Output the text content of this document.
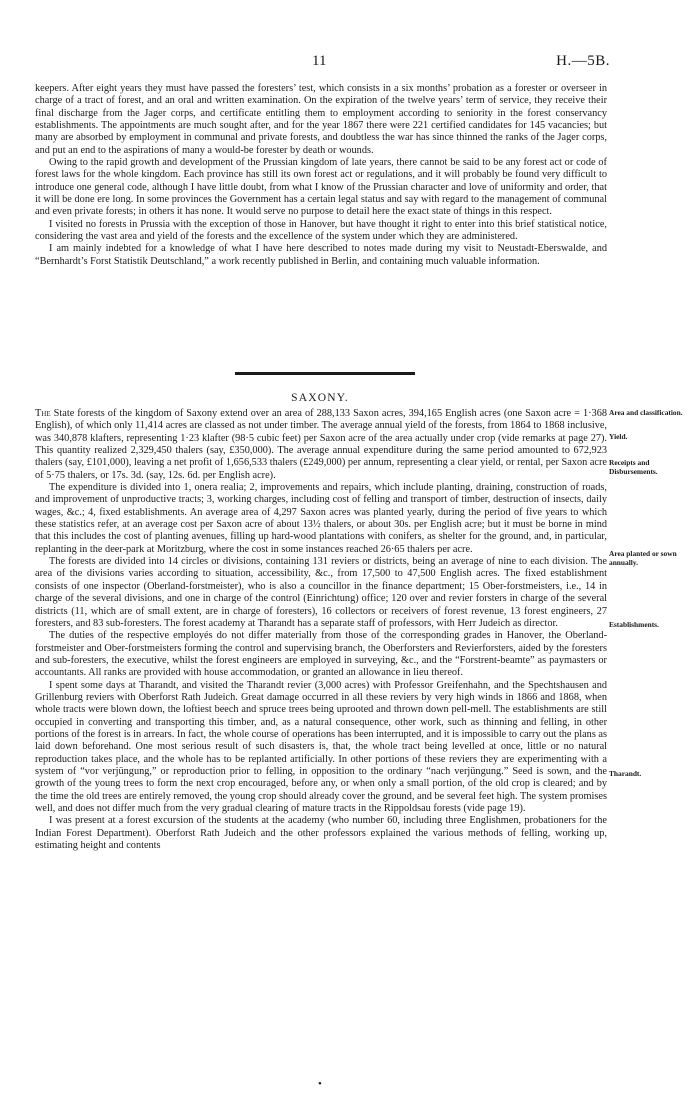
11	H.—5B.

keepers. After eight years they must have passed the foresters’ test, which consists in a six months’ probation as a forester or overseer in charge of a tract of forest, and an oral and written examination. On the expiration of the twelve years’ term of service, they receive their final discharge from the Jager corps, and certificate entitling them to employment according to seniority in the forest conservancy establishments. The appointments are much sought after, and for the year 1867 there were 221 certified candidates for 145 vacancies; but many are absorbed by employment in communal and private forests, and doubtless the war has since thinned the ranks of the Jager corps, and put an end to the aspirations of many a would-be forester by death or wounds.

Owing to the rapid growth and development of the Prussian kingdom of late years, there cannot be said to be any forest act or code of forest laws for the whole kingdom. Each province has still its own forest act or regulations, and it will probably be found very difficult to introduce one general code, although I have little doubt, from what I know of the Prussian character and love of uniformity and order, that it will be done ere long. In some provinces the Government has a certain legal status and say with regard to the management of communal and even private forests; in others it has none. It would serve no purpose to detail here the exact state of things in this respect.

I visited no forests in Prussia with the exception of those in Hanover, but have thought it right to enter into this brief statistical notice, considering the vast area and yield of the forests and the excellence of the system under which they are administered.

I am mainly indebted for a knowledge of what I have here described to notes made during my visit to Neustadt-Eberswalde, and “Bernhardt’s Forst Statistik Deutschland,” a work recently published in Berlin, and containing much valuable information.

SAXONY.

The State forests of the kingdom of Saxony extend over an area of 288,133 Saxon acres, 394,165 English acres (one Saxon acre = 1·368 English), of which only 11,414 acres are classed as not under timber. The average annual yield of the forests, from 1864 to 1868 inclusive, was 340,878 klafters, representing 1·23 klafter (98·5 cubic feet) per Saxon acre of the area actually under crop (vide remarks at page 27). This quantity realized 2,329,450 thalers (say, £350,000). The average annual expenditure during the same period amounted to 672,923 thalers (say, £101,000), leaving a net profit of 1,656,533 thalers (£249,000) per annum, representing a clear yield, or rental, per Saxon acre of 5·75 thalers, or 17s. 3d. (say, 12s. 6d. per English acre).

The expenditure is divided into 1, onera realia; 2, improvements and repairs, which include planting, draining, construction of roads, and improvement of unproductive tracts; 3, working charges, including cost of felling and transport of timber, destruction of insects, daily wages, &c.; 4, fixed establishments. An average area of 4,297 Saxon acres was planted yearly, during the period of five years to which these statistics refer, at an average cost per Saxon acre of about 13½ thalers, or about 30s. per English acre; but it must be borne in mind that this includes the cost of planting avenues, filling up hard-wood plantations with conifers, as shelter for the ground, and, in particular, replanting in the deer-park at Moritzburg, where the cost in some instances reached 26·65 thalers per acre.

The forests are divided into 14 circles or divisions, containing 131 reviers or districts, being an average of nine to each division. The area of the divisions varies according to situation, accessibility, &c., from 17,500 to 47,500 English acres. The fixed establishment consists of one inspector (Oberland-forstmeister), who is also a councillor in the finance department; 15 Ober-forstmeisters, i.e., 14 in charge of the several divisions, and one in charge of the control (Einrichtung) office; 120 over and revier forsters in charge of the several districts (11, which are of small extent, are in charge of foresters), 16 collectors or receivers of forest revenue, 13 forest engineers, 27 foresters, and 83 sub-foresters. The forest academy at Tharandt has a separate staff of professors, with Herr Judeich as director.

The duties of the respective employés do not differ materially from those of the corresponding grades in Hanover, the Oberland-forstmeister and Ober-forstmeisters forming the control and supervising branch, the Oberforsters and Revierforsters, aided by the foresters and sub-foresters, the executive, whilst the forest engineers are employed in surveying, &c., and the “Forstrent-beamte” as paymasters or accountants. All ranks are provided with house accommodation, or granted an allowance in lieu thereof.

I spent some days at Tharandt, and visited the Tharandt revier (3,000 acres) with Professor Greifenhahn, and the Spechtshausen and Grillenburg reviers with Oberforst Rath Judeich. Great damage occurred in all these reviers by very high winds in 1866 and 1868, when whole tracts were blown down, the loftiest beech and spruce trees being uprooted and thrown down pell-mell. The establishments are still occupied in converting and transporting this timber, and, as a natural consequence, other work, such as thinning and felling, in other portions of the forest is in arrears. In fact, the whole course of operations has been interrupted, and it is impossible to carry out the plans as laid down beforehand. One most serious result of such disasters is, that, the whole tract being levelled at once, little or no natural reproduction takes place, and the whole has to be replanted artificially. In other portions of these reviers they are experimenting with a system of “vor verjüngung,” or reproduction prior to felling, in opposition to the ordinary “nach verjüngung.” Seed is sown, and the growth of the young trees to form the next crop encouraged, before any, or when only a small portion, of the old crop is cleared; and by the time the old trees are entirely removed, the young crop should already cover the ground, and be several feet high. The system promises well, and does not differ much from the very gradual clearing of mature tracts in the Rippoldsau forests (vide page 19).

I was present at a forest excursion of the students at the academy (who number 60, including three Englishmen, probationers for the Indian Forest Department). Oberforst Rath Judeich and the other professors explained the various methods of felling, working up, estimating height and contents

Area and classification.
Yield.
Receipts and Disbursements.
Area planted or sown annually.
Establishments.
Tharandt.
•
